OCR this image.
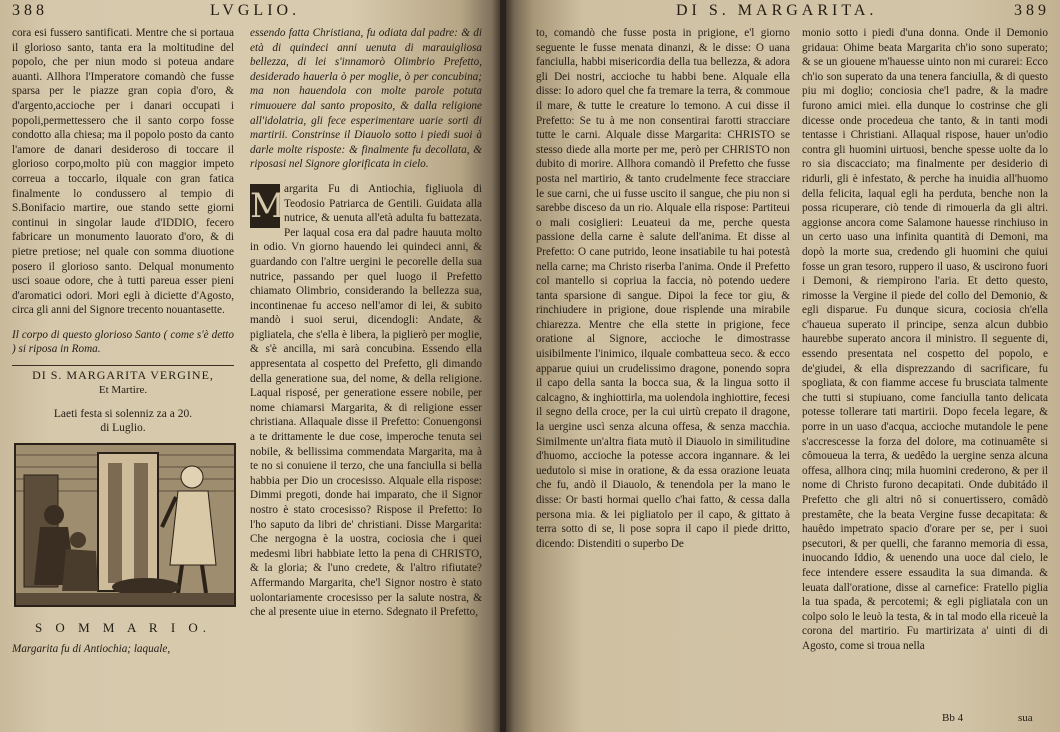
388	LVGLIO.

cora esi fussero santificati. Mentre che si portaua il glorioso santo, tanta era la moltitudine del popolo, che per niun modo si poteua andare auanti. Allhora l'Imperatore comandò che fusse sparsa per le piazze gran copia d'oro, & d'argento,accioche per i danari occupati i popoli,permettessero che il santo corpo fosse condotto alla chiesa; ma il popolo posto da canto l'amore de danari desideroso di toccare il glorioso corpo,molto più con maggior impeto correua a toccarlo, ilquale con gran fatica finalmente lo condussero al tempio di S.Bonifacio martire, oue stando sette giorni continui in singolar laude d'IDDIO, fecero fabricare un monumento lauorato d'oro, & di pietre pretiose; nel quale con somma diuotione posero il glorioso santo. Delqual monumento usci soaue odore, che à tutti pareua esser pieni d'aromatici odori. Mori egli à diciette d'Agosto, circa gli anni del Signore trecento nouantasette.

Il corpo di questo glorioso Santo ( come s'è detto ) si riposa in Roma.

DI S. MARGARITA VERGINE,
Et Martire.
Laeti festa si solenniz za a 20.
di Luglio.
S O M M A R I O.

Margarita fu di Antiochia; laquale,

essendo fatta Christiana, fu odiata dal padre: & di età di quindeci anni uenuta di marauigliosa bellezza, di lei s'innamorò Olimbrio Prefetto, desiderado hauerla ò per moglie, ò per concubina; ma non hauendola con molte parole potuta rimuouere dal santo proposito, & dalla religione all'idolatria, gli fece esperimentare uarie sorti di martirii. Constrinse il Diauolo sotto i piedi suoi à darle molte risposte: & finalmente fu decollata, & riposasi nel Signore glorificata in cielo.

M argarita Fu di Antiochia, figliuola di Teodosio Patriarca de Gentili. Guidata alla nutrice, & uenuta all'età adulta fu battezata. Per laqual cosa era dal padre hauuta molto in odio. Vn giorno hauendo lei quindeci anni, & guardando con l'altre uergini le pecorelle della sua nutrice, passando per quel luogo il Prefetto chiamato Olimbrio, considerando la bellezza sua, incontinenae fu acceso nell'amor di lei, & subito mandò i suoi serui, dicendogli: Andate, & pigliatela, che s'ella è libera, la piglierò per moglie, & s'è ancilla, mi sarà concubina. Essendo ella appresentata al cospetto del Prefetto, gli dimando della generatione sua, del nome, & della religione. Laqual risposé, per generatione essere nobile, per nome chiamarsi Margarita, & di religione esser christiana. Allaquale disse il Prefetto: Conuengonsi a te drittamente le due cose, imperoche tenuta sei nobile, & bellissima commendata Margarita, ma à te no si conuiene il terzo, che una fanciulla si bella habbia per Dio un crocesisso. Alquale ella rispose: Dimmi pregoti, donde hai imparato, che il Signor nostro è stato crocesisso? Rispose il Prefetto: Io l'ho saputo da libri de' christiani. Disse Margarita: Che nergogna è la uostra, cociosia che i quei medesmi libri habbiate letto la pena di CHRISTO, & la gloria; & l'uno credete, & l'altro rifiutate? Affermando Margarita, che'l Signor nostro è stato uolontariamente crocesisso per la salute nostra, & che al presente uiue in eterno. Sdegnato il Prefetto,

DI S. MARGARITA.	389

to, comandò che fusse posta in prigione, e'l giorno seguente le fusse menata dinanzi, & le disse: O uana fanciulla, habbi misericordia della tua bellezza, & adora gli Dei nostri, accioche tu habbi bene. Alquale ella disse: Io adoro quel che fa tremare la terra, & commoue il mare, & tutte le creature lo temono. A cui disse il Prefetto: Se tu à me non consentirai farotti stracciare tutte le carni. Alquale disse Margarita: CHRISTO se stesso diede alla morte per me, però per CHRISTO non dubito di morire. Allhora comandò il Prefetto che fusse posta nel martirio, & tanto crudelmente fece stracciare le sue carni, che ui fusse uscito il sangue, che piu non si sarebbe disceso da un rio. Alquale ella rispose: Partiteui o mali cosiglieri: Leuateui da me, perche questa passione della carne è salute dell'anima. Et disse al Prefetto: O cane putrido, leone insatiabile tu hai potestà nella carne; ma Christo riserba l'anima. Onde il Prefetto col mantello si copriua la faccia, nò potendo uedere tanta sparsione di sangue. Dipoi la fece tor giu, & rinchiudere in prigione, doue risplende una mirabile chiarezza. Mentre che ella stette in prigione, fece oratione al Signore, accioche le dimostrasse uisibilmente l'inimico, ilquale combatteua seco. & ecco apparue quiui un crudelissimo dragone, ponendo sopra il capo della santa la bocca sua, & la lingua sotto il calcagno, & inghiottirla, ma uolendola inghiottire, fecesi il segno della croce, per la cui uirtù crepato il dragone, la uergine uscì senza alcuna offesa, & senza macchia. Similmente un'altra fiata mutò il Diauolo in similitudine d'huomo, accioche la potesse accora ingannare. & lei uedutolo si mise in oratione, & da essa orazione leuata che fu, andò il Diauolo, & tenendola per la mano le disse: Or basti hormai quello c'hai fatto, & cessa dalla persona mia. & lei pigliatolo per il capo, & gittato à terra sotto di se, li pose sopra il capo il piede dritto, dicendo: Distenditi o superbo De

monio sotto i piedi d'una donna. Onde il Demonio gridaua: Ohime beata Margarita ch'io sono superato; & se un giouene m'hauesse uinto non mi curarei: Ecco ch'io son superato da una tenera fanciulla, & di questo piu mi doglio; conciosia che'l padre, & la madre furono amici miei. ella dunque lo costrinse che gli dicesse onde procedeua che tanto, & in tanti modi tentasse i Christiani. Allaqual rispose, hauer un'odio contra gli huomini uirtuosi, benche spesse uolte da lo ro sia discacciato; ma finalmente per desiderio di ridurli, gli è infestato, & perche ha inuidia all'huomo della felicita, laqual egli ha perduta, benche non la possa ricuperare, ciò tende di rimouerla da gli altri. aggionse ancora come Salamone hauesse rinchiuso in un certo uaso una infinita quantità di Demoni, ma dopò la morte sua, credendo gli huomini che quiui fosse un gran tesoro, ruppero il uaso, & uscirono fuori i Demoni, & riempirono l'aria. Et detto questo, rimosse la Vergine il piede del collo del Demonio, & egli disparue. Fu dunque sicura, cociosia ch'ella c'haueua superato il principe, senza alcun dubbio haurebbe superato ancora il ministro. Il seguente di, essendo presentata nel cospetto del popolo, e de'giudei, & ella disprezzando di sacrificare, fu spogliata, & con fiamme accese fu brusciata talmente che tutti si stupiuano, come fanciulla tanto delicata potesse tollerare tati martirii. Dopo fecela legare, & porre in un uaso d'acqua, accioche mutandole le pene s'accrescesse la forza del dolore, ma cotinuamête si cômoueua la terra, & uedêdo la uergine senza alcuna offesa, allhora cinq; mila huomini crederono, & per il nome di Christo furono decapitati. Onde dubitádo il Prefetto che gli altri nô si conuertissero, comâdò prestamête, che la beata Vergine fusse decapitata: & hauêdo impetrato spacio d'orare per se, per i suoi psecutori, & per quelli, che faranno memoria di essa, inuocando Iddio, & uenendo una uoce dal cielo, le fece intendere essere essaudita la sua dimanda. & leuata dall'oratione, disse al carnefice: Fratello piglia la tua spada, & percotemi; & egli pigliatala con un colpo solo le leuò la testa, & in tal modo ella riceuè la corona del martirio. Fu martirizata a' uinti di di Agosto, come si troua nella

Bb 4	sua
